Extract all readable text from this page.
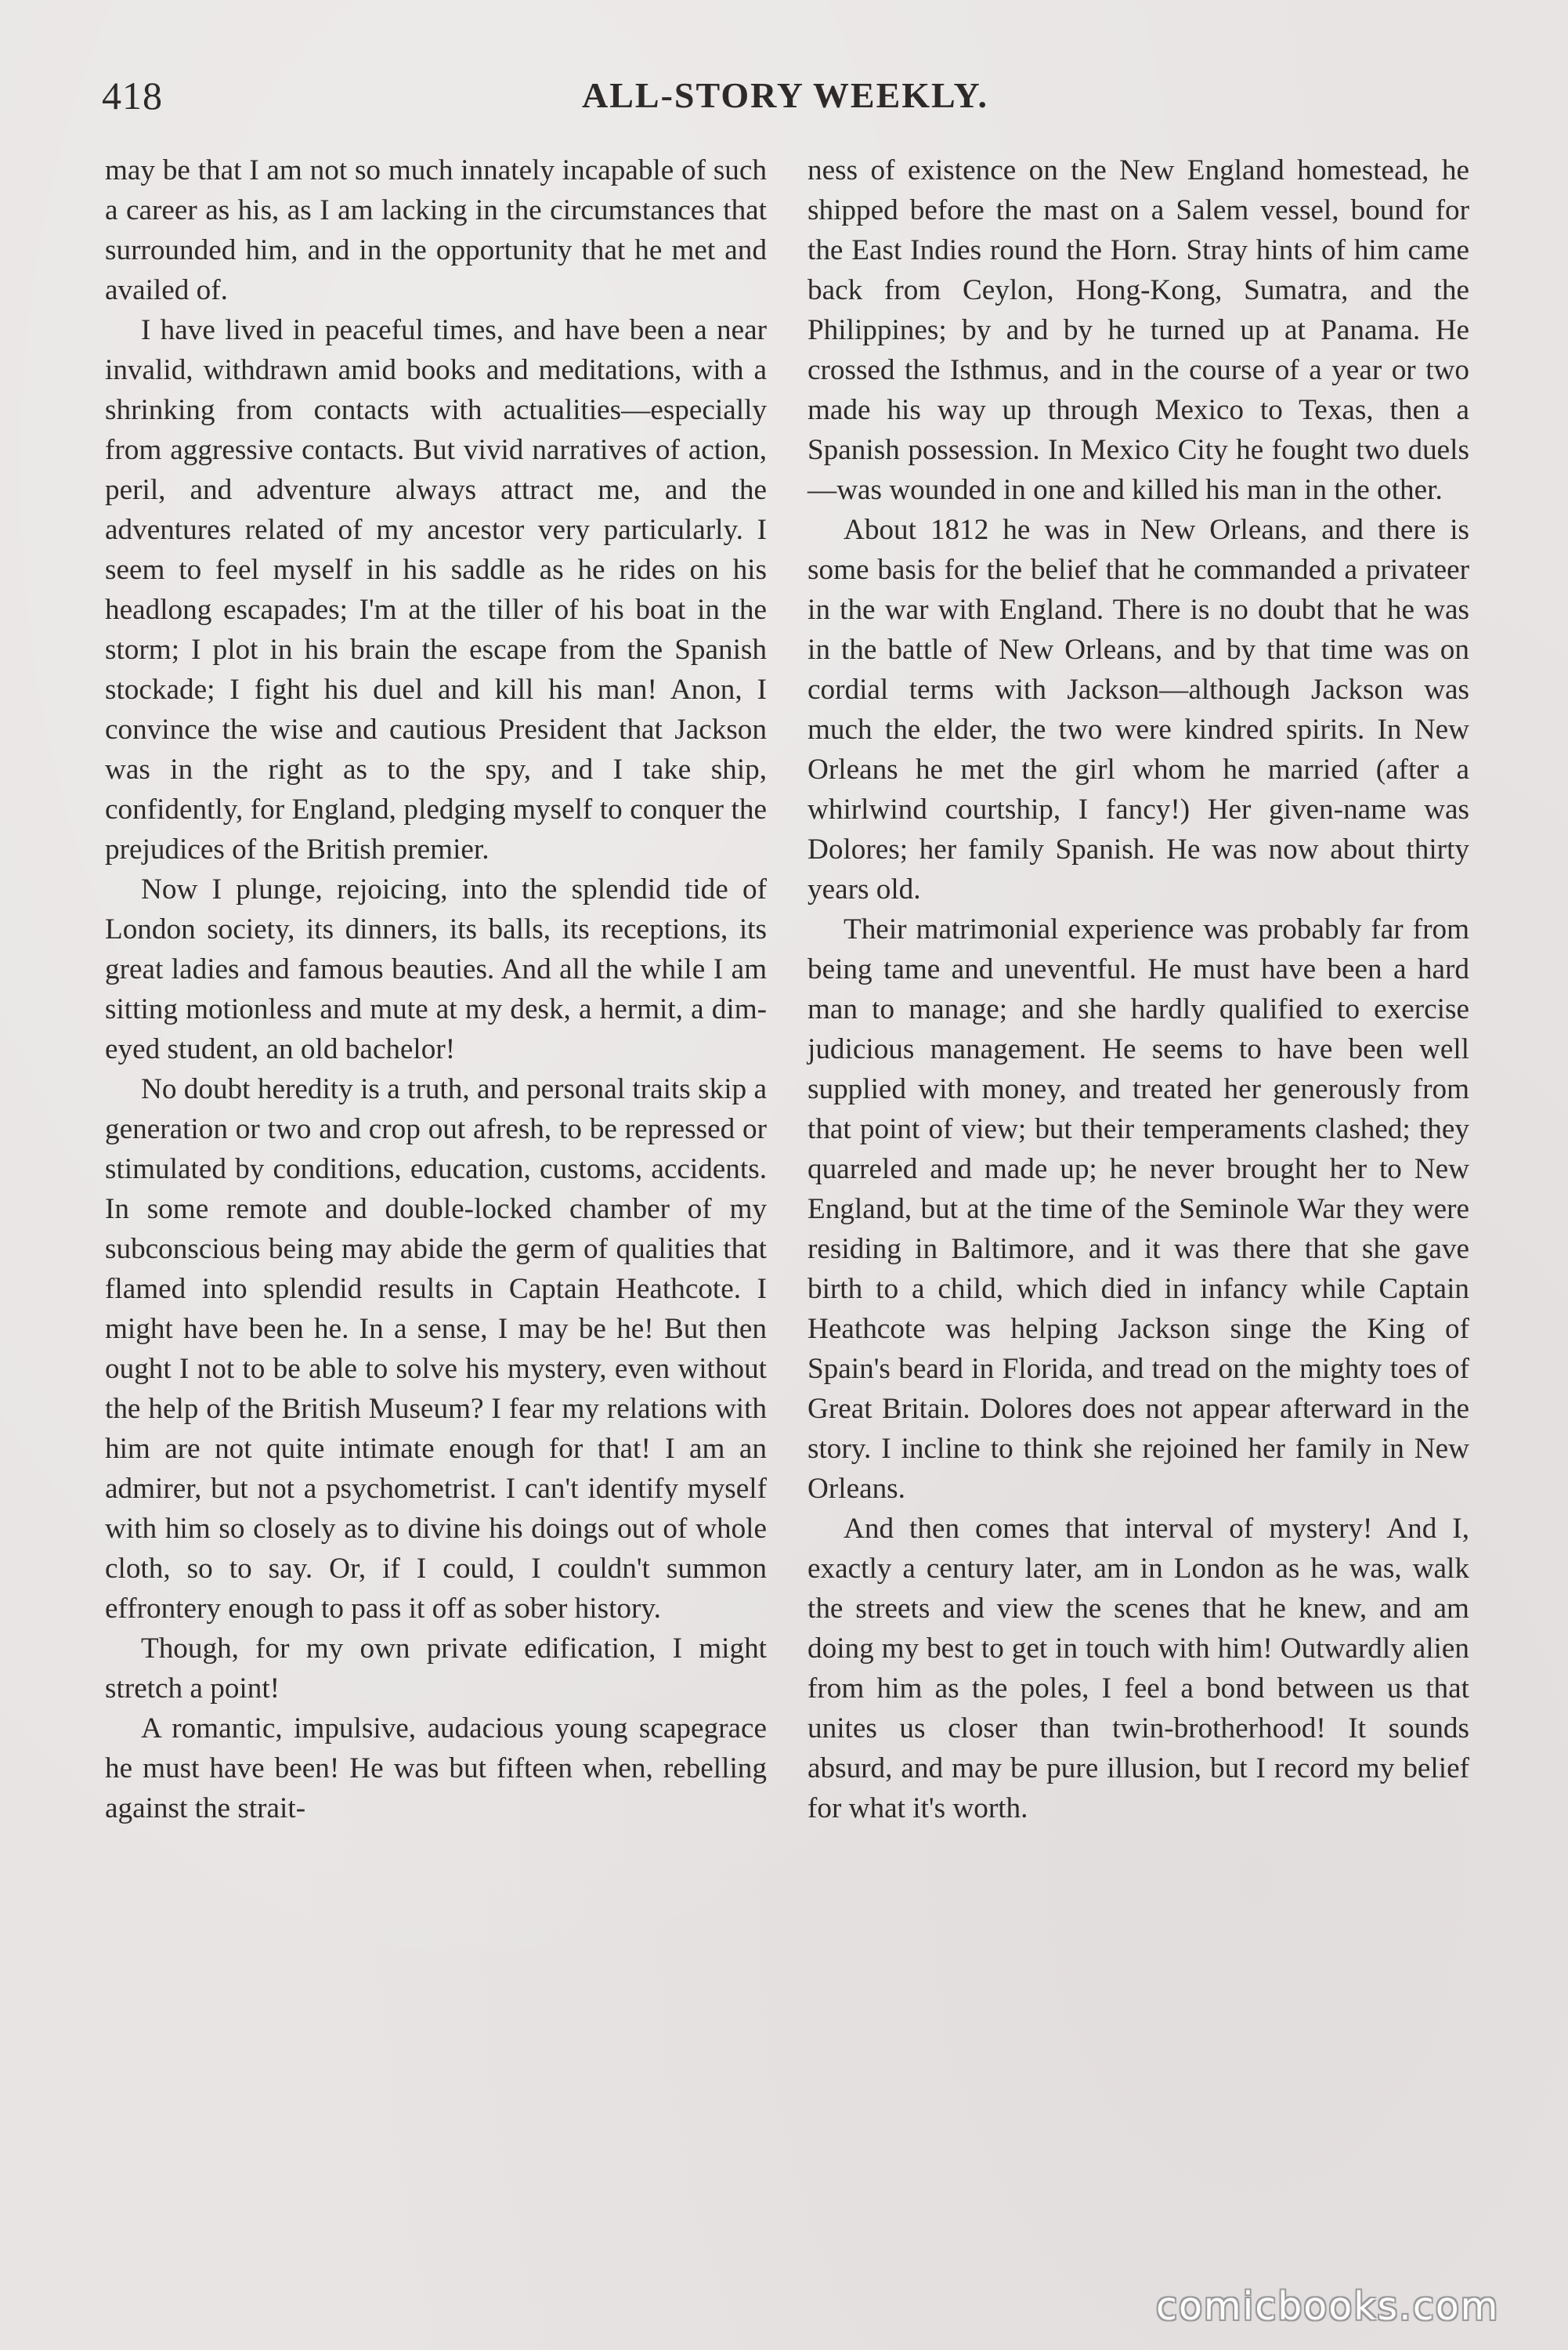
418	ALL-STORY WEEKLY.

may be that I am not so much innately incapable of such a career as his, as I am lacking in the circumstances that surrounded him, and in the opportunity that he met and availed of.

I have lived in peaceful times, and have been a near invalid, withdrawn amid books and meditations, with a shrinking from contacts with actualities—especially from aggressive contacts. But vivid narratives of action, peril, and adventure always attract me, and the adventures related of my ancestor very particularly. I seem to feel myself in his saddle as he rides on his headlong escapades; I'm at the tiller of his boat in the storm; I plot in his brain the escape from the Spanish stockade; I fight his duel and kill his man! Anon, I convince the wise and cautious President that Jackson was in the right as to the spy, and I take ship, confidently, for England, pledging myself to conquer the prejudices of the British premier.

Now I plunge, rejoicing, into the splendid tide of London society, its dinners, its balls, its receptions, its great ladies and famous beauties. And all the while I am sitting motionless and mute at my desk, a hermit, a dim-eyed student, an old bachelor!

No doubt heredity is a truth, and personal traits skip a generation or two and crop out afresh, to be repressed or stimulated by conditions, education, customs, accidents. In some remote and double-locked chamber of my subconscious being may abide the germ of qualities that flamed into splendid results in Captain Heathcote. I might have been he. In a sense, I may be he! But then ought I not to be able to solve his mystery, even without the help of the British Museum? I fear my relations with him are not quite intimate enough for that! I am an admirer, but not a psychometrist. I can't identify myself with him so closely as to divine his doings out of whole cloth, so to say. Or, if I could, I couldn't summon effrontery enough to pass it off as sober history.

Though, for my own private edification, I might stretch a point!

A romantic, impulsive, audacious young scapegrace he must have been! He was but fifteen when, rebelling against the strait-

ness of existence on the New England homestead, he shipped before the mast on a Salem vessel, bound for the East Indies round the Horn. Stray hints of him came back from Ceylon, Hong-Kong, Sumatra, and the Philippines; by and by he turned up at Panama. He crossed the Isthmus, and in the course of a year or two made his way up through Mexico to Texas, then a Spanish possession. In Mexico City he fought two duels—was wounded in one and killed his man in the other.

About 1812 he was in New Orleans, and there is some basis for the belief that he commanded a privateer in the war with England. There is no doubt that he was in the battle of New Orleans, and by that time was on cordial terms with Jackson—although Jackson was much the elder, the two were kindred spirits. In New Orleans he met the girl whom he married (after a whirlwind courtship, I fancy!) Her given-name was Dolores; her family Spanish. He was now about thirty years old.

Their matrimonial experience was probably far from being tame and uneventful. He must have been a hard man to manage; and she hardly qualified to exercise judicious management. He seems to have been well supplied with money, and treated her generously from that point of view; but their temperaments clashed; they quarreled and made up; he never brought her to New England, but at the time of the Seminole War they were residing in Baltimore, and it was there that she gave birth to a child, which died in infancy while Captain Heathcote was helping Jackson singe the King of Spain's beard in Florida, and tread on the mighty toes of Great Britain. Dolores does not appear afterward in the story. I incline to think she rejoined her family in New Orleans.

And then comes that interval of mystery! And I, exactly a century later, am in London as he was, walk the streets and view the scenes that he knew, and am doing my best to get in touch with him! Outwardly alien from him as the poles, I feel a bond between us that unites us closer than twin-brotherhood! It sounds absurd, and may be pure illusion, but I record my belief for what it's worth.

comicbooks.com
